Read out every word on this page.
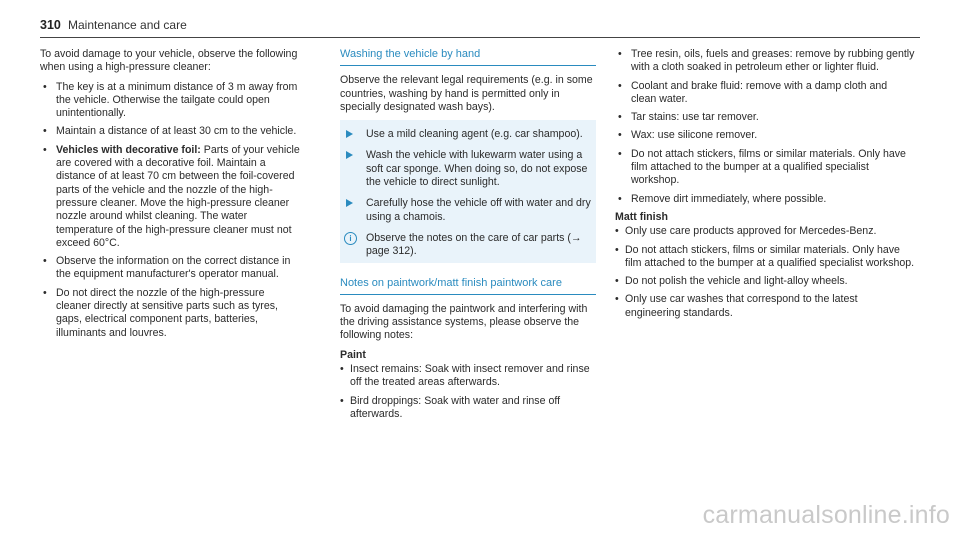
310 Maintenance and care

To avoid damage to your vehicle, observe the following when using a high-pressure cleaner:

• The key is at a minimum distance of 3 m away from the vehicle. Otherwise the tailgate could open unintentionally.
• Maintain a distance of at least 30 cm to the vehicle.
• Vehicles with decorative foil: Parts of your vehicle are covered with a decorative foil. Maintain a distance of at least 70 cm between the foil-covered parts of the vehicle and the nozzle of the high-pressure cleaner. Move the high-pressure cleaner nozzle around whilst cleaning. The water temperature of the high-pressure cleaner must not exceed 60°C.
• Observe the information on the correct distance in the equipment manufacturer's operator manual.
• Do not direct the nozzle of the high-pressure cleaner directly at sensitive parts such as tyres, gaps, electrical component parts, batteries, illuminants and louvres.
Washing the vehicle by hand

Observe the relevant legal requirements (e.g. in some countries, washing by hand is permitted only in specially designated wash bays).

Use a mild cleaning agent (e.g. car shampoo).
Wash the vehicle with lukewarm water using a soft car sponge. When doing so, do not expose the vehicle to direct sunlight.
Carefully hose the vehicle off with water and dry using a chamois.
i	Observe the notes on the care of car parts (→ page 312).
Notes on paintwork/matt finish paintwork care

To avoid damaging the paintwork and interfering with the driving assistance systems, please observe the following notes:

Paint
• Insect remains: Soak with insect remover and rinse off the treated areas afterwards.
• Bird droppings: Soak with water and rinse off afterwards.
• Tree resin, oils, fuels and greases: remove by rubbing gently with a cloth soaked in petroleum ether or lighter fluid.
• Coolant and brake fluid: remove with a damp cloth and clean water.
• Tar stains: use tar remover.
• Wax: use silicone remover.
• Do not attach stickers, films or similar materials. Only have film attached to the bumper at a qualified specialist workshop.
• Remove dirt immediately, where possible.
Matt finish
• Only use care products approved for Mercedes-Benz.
• Do not attach stickers, films or similar materials. Only have film attached to the bumper at a qualified specialist workshop.
• Do not polish the vehicle and light-alloy wheels.
• Only use car washes that correspond to the latest engineering standards.
carmanualsonline.info
